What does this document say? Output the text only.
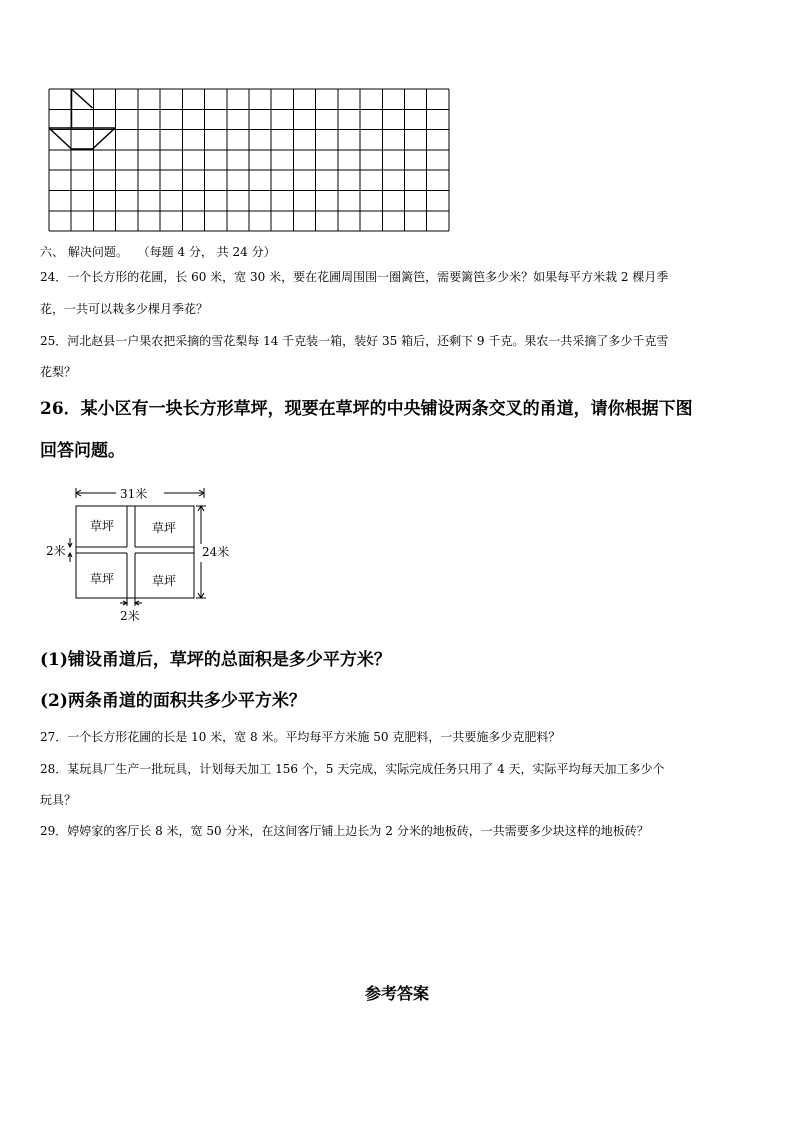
六、 解决问题。 （每题 4 分， 共 24 分）
24．一个长方形的花圃，长 60 米，宽 30 米，要在花圃周围围一圈篱笆，需要篱笆多少米？如果每平方米栽 2 棵月季
花，一共可以栽多少棵月季花？
25．河北赵县一户果农把采摘的雪花梨每 14 千克装一箱，装好 35 箱后，还剩下 9 千克。果农一共采摘了多少千克雪
花梨？
26．某小区有一块长方形草坪，现要在草坪的中央铺设两条交叉的甬道，请你根据下图
回答问题。
31米
24米
2米
2米
草坪	草坪
草坪	草坪
(1)铺设甬道后，草坪的总面积是多少平方米？
(2)两条甬道的面积共多少平方米？
27．一个长方形花圃的长是 10 米，宽 8 米。平均每平方米施 50 克肥料，一共要施多少克肥料？
28．某玩具厂生产一批玩具，计划每天加工 156 个，5 天完成，实际完成任务只用了 4 天，实际平均每天加工多少个
玩具？
29．婷婷家的客厅长 8 米，宽 50 分米，在这间客厅铺上边长为 2 分米的地板砖，一共需要多少块这样的地板砖？
参考答案
